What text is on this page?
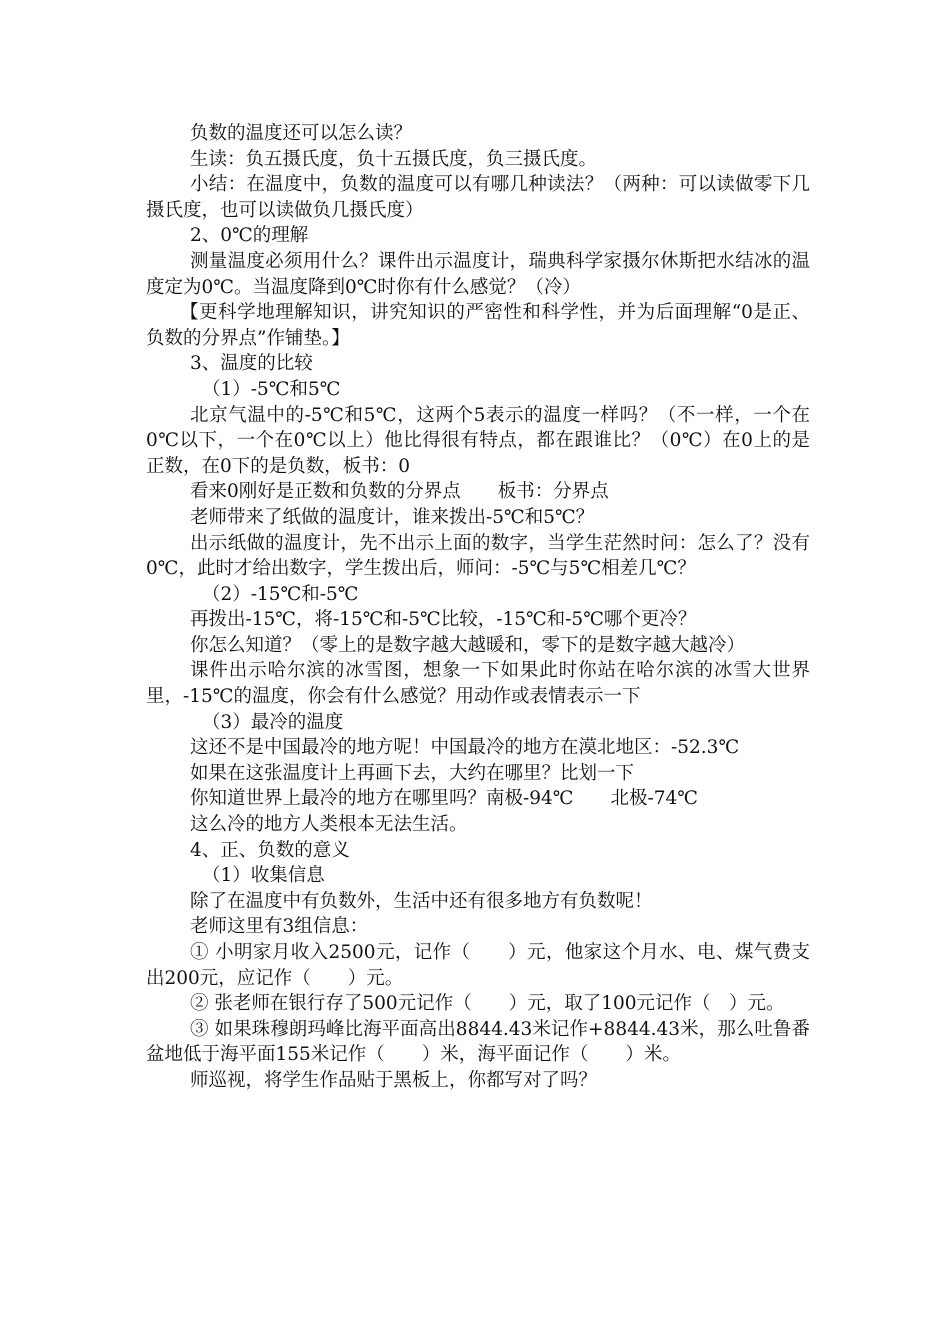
负数的温度还可以怎么读？

生读：负五摄氏度，负十五摄氏度，负三摄氏度。

小结：在温度中，负数的温度可以有哪几种读法？（两种：可以读做零下几摄氏度，也可以读做负几摄氏度）

2、0℃的理解

测量温度必须用什么？课件出示温度计，瑞典科学家摄尔休斯把水结冰的温度定为0℃。当温度降到0℃时你有什么感觉？（冷）

【更科学地理解知识，讲究知识的严密性和科学性，并为后面理解“0是正、负数的分界点”作铺垫。】

3、温度的比较

（1）-5℃和5℃

北京气温中的-5℃和5℃，这两个5表示的温度一样吗？（不一样，一个在0℃以下，一个在0℃以上）他比得很有特点，都在跟谁比？（0℃）在0上的是正数，在0下的是负数，板书：0

看来0刚好是正数和负数的分界点　　板书：分界点

老师带来了纸做的温度计，谁来拨出-5℃和5℃？

出示纸做的温度计，先不出示上面的数字，当学生茫然时问：怎么了？没有0℃，此时才给出数字，学生拨出后，师问：-5℃与5℃相差几℃？

（2）-15℃和-5℃

再拨出-15℃，将-15℃和-5℃比较，-15℃和-5℃哪个更冷？

你怎么知道？（零上的是数字越大越暖和，零下的是数字越大越冷）

课件出示哈尔滨的冰雪图，想象一下如果此时你站在哈尔滨的冰雪大世界里，-15℃的温度，你会有什么感觉？用动作或表情表示一下

（3）最冷的温度

这还不是中国最冷的地方呢！中国最冷的地方在漠北地区：-52.3℃

如果在这张温度计上再画下去，大约在哪里？比划一下

你知道世界上最冷的地方在哪里吗？南极-94℃　　北极-74℃

这么冷的地方人类根本无法生活。

4、正、负数的意义

（1）收集信息

除了在温度中有负数外，生活中还有很多地方有负数呢！

老师这里有3组信息：

① 小明家月收入2500元，记作（　　）元，他家这个月水、电、煤气费支出200元，应记作（　　）元。

② 张老师在银行存了500元记作（　　）元，取了100元记作（　）元。

③ 如果珠穆朗玛峰比海平面高出8844.43米记作+8844.43米，那么吐鲁番盆地低于海平面155米记作（　　）米，海平面记作（　　）米。

师巡视，将学生作品贴于黑板上，你都写对了吗？
